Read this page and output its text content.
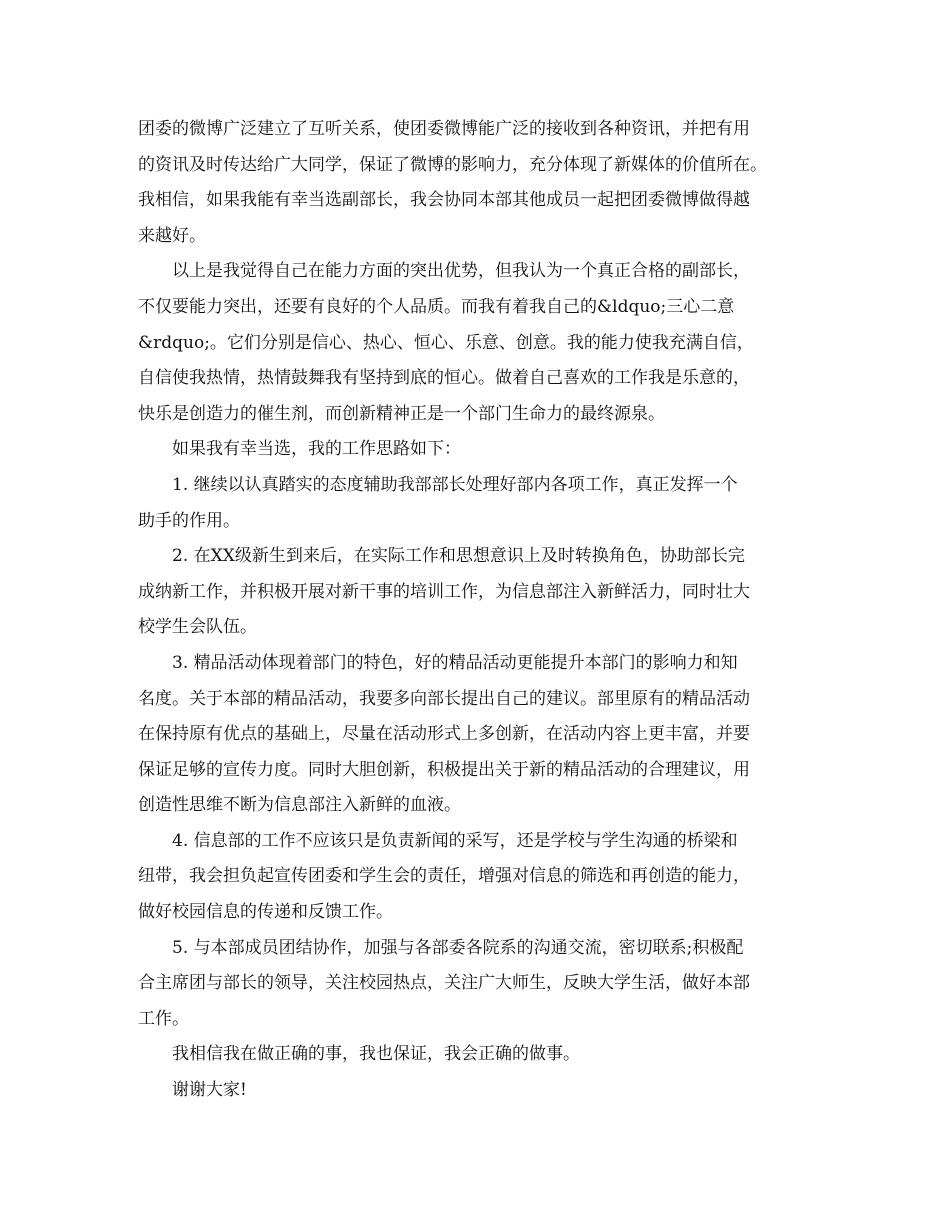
团委的微博广泛建立了互听关系，使团委微博能广泛的接收到各种资讯，并把有用
的资讯及时传达给广大同学，保证了微博的影响力，充分体现了新媒体的价值所在。
我相信，如果我能有幸当选副部长，我会协同本部其他成员一起把团委微博做得越
来越好。
以上是我觉得自己在能力方面的突出优势，但我认为一个真正合格的副部长，
不仅要能力突出，还要有良好的个人品质。而我有着我自己的&ldquo;三心二意
&rdquo;。它们分别是信心、热心、恒心、乐意、创意。我的能力使我充满自信，
自信使我热情，热情鼓舞我有坚持到底的恒心。做着自己喜欢的工作我是乐意的，
快乐是创造力的催生剂，而创新精神正是一个部门生命力的最终源泉。
如果我有幸当选，我的工作思路如下：
1. 继续以认真踏实的态度辅助我部部长处理好部内各项工作，真正发挥一个
助手的作用。
2. 在XX级新生到来后，在实际工作和思想意识上及时转换角色，协助部长完
成纳新工作，并积极开展对新干事的培训工作，为信息部注入新鲜活力，同时壮大
校学生会队伍。
3. 精品活动体现着部门的特色，好的精品活动更能提升本部门的影响力和知
名度。关于本部的精品活动，我要多向部长提出自己的建议。部里原有的精品活动
在保持原有优点的基础上，尽量在活动形式上多创新，在活动内容上更丰富，并要
保证足够的宣传力度。同时大胆创新，积极提出关于新的精品活动的合理建议，用
创造性思维不断为信息部注入新鲜的血液。
4. 信息部的工作不应该只是负责新闻的采写，还是学校与学生沟通的桥梁和
纽带，我会担负起宣传团委和学生会的责任，增强对信息的筛选和再创造的能力，
做好校园信息的传递和反馈工作。
5. 与本部成员团结协作，加强与各部委各院系的沟通交流，密切联系;积极配
合主席团与部长的领导，关注校园热点，关注广大师生，反映大学生活，做好本部
工作。
我相信我在做正确的事，我也保证，我会正确的做事。
谢谢大家!
